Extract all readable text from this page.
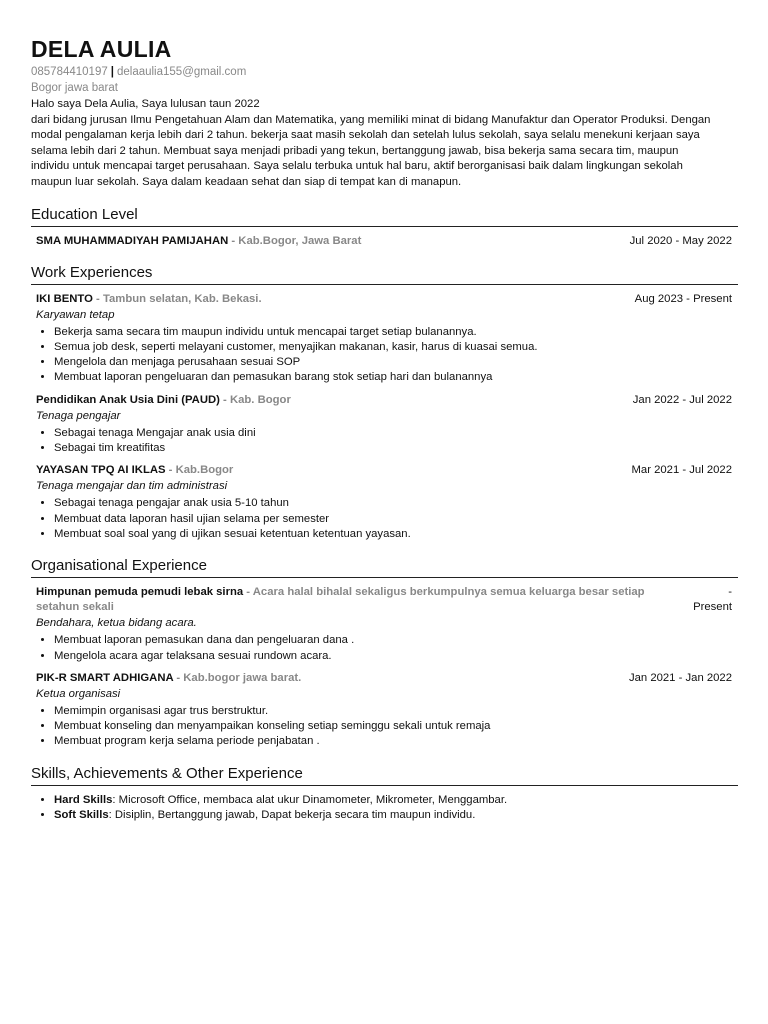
DELA AULIA
085784410197 | delaaulia155@gmail.com
Bogor jawa barat
Halo saya Dela Aulia, Saya lulusan taun 2022
dari bidang jurusan Ilmu Pengetahuan Alam dan Matematika, yang memiliki minat di bidang Manufaktur dan Operator Produksi. Dengan
modal pengalaman kerja lebih dari 2 tahun. bekerja saat masih sekolah dan setelah lulus sekolah, saya selalu menekuni kerjaan saya
selama lebih dari 2 tahun. Membuat saya menjadi pribadi yang tekun, bertanggung jawab, bisa bekerja sama secara tim, maupun
individu untuk mencapai target perusahaan. Saya selalu terbuka untuk hal baru, aktif berorganisasi baik dalam lingkungan sekolah
maupun luar sekolah. Saya dalam keadaan sehat dan siap di tempat kan di manapun.
Education Level
SMA MUHAMMADIYAH PAMIJAHAN - Kab.Bogor, Jawa Barat	Jul 2020 - May 2022
Work Experiences
IKI BENTO - Tambun selatan, Kab. Bekasi.	Aug 2023 - Present
Karyawan tetap
• Bekerja sama secara tim maupun individu untuk mencapai target setiap bulanannya.
• Semua job desk, seperti melayani customer, menyajikan makanan, kasir, harus di kuasai semua.
• Mengelola dan menjaga perusahaan sesuai SOP
• Membuat laporan pengeluaran dan pemasukan barang stok setiap hari dan bulanannya
Pendidikan Anak Usia Dini (PAUD) - Kab. Bogor	Jan 2022 - Jul 2022
Tenaga pengajar
• Sebagai tenaga Mengajar anak usia dini
• Sebagai tim kreatifitas
YAYASAN TPQ AI IKLAS - Kab.Bogor	Mar 2021 - Jul 2022
Tenaga mengajar dan tim administrasi
• Sebagai tenaga pengajar anak usia 5-10 tahun
• Membuat data laporan hasil ujian selama per semester
• Membuat soal soal yang di ujikan sesuai ketentuan ketentuan yayasan.
Organisational Experience
Himpunan pemuda pemudi lebak sirna - Acara halal bihalal sekaligus berkumpulnya semua keluarga besar setiap setahun sekali
-
Present
Bendahara, ketua bidang acara.
• Membuat laporan pemasukan dana dan pengeluaran dana .
• Mengelola acara agar telaksana sesuai rundown acara.
PIK-R SMART ADHIGANA - Kab.bogor jawa barat.	Jan 2021 - Jan 2022
Ketua organisasi
• Memimpin organisasi agar trus berstruktur.
• Membuat konseling dan menyampaikan konseling setiap seminggu sekali untuk remaja
• Membuat program kerja selama periode penjabatan .
Skills, Achievements & Other Experience
• Hard Skills: Microsoft Office, membaca alat ukur Dinamometer, Mikrometer, Menggambar.
• Soft Skills: Disiplin, Bertanggung jawab, Dapat bekerja secara tim maupun individu.
